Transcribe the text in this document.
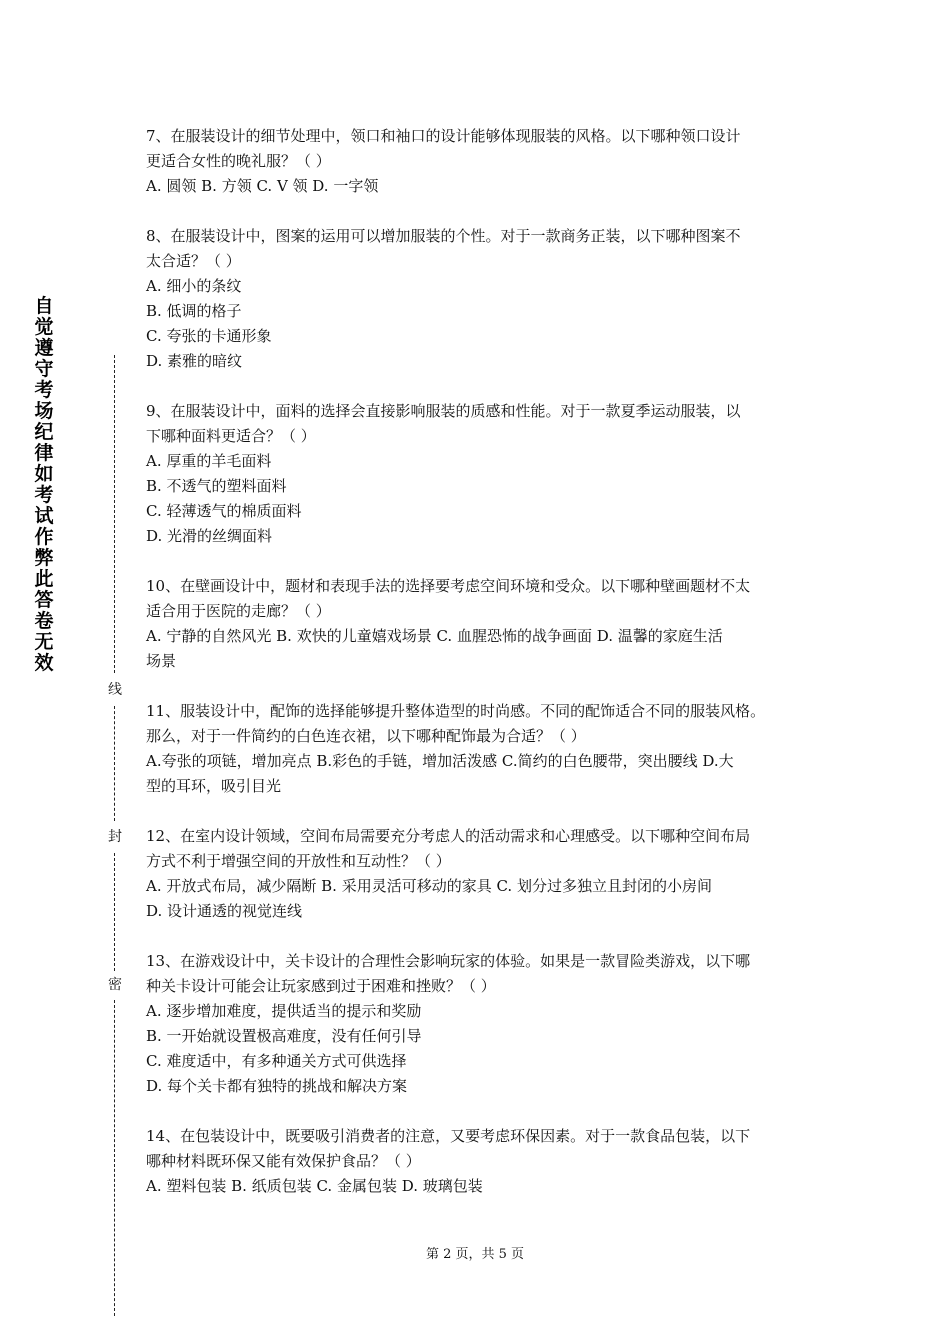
自觉遵守考场纪律如考试作弊此答卷无效
线
封
密
7、在服装设计的细节处理中，领口和袖口的设计能够体现服装的风格。以下哪种领口设计
更适合女性的晚礼服？（ ）
A. 圆领 B. 方领 C. V 领 D. 一字领
8、在服装设计中，图案的运用可以增加服装的个性。对于一款商务正装，以下哪种图案不
太合适？（ ）
A. 细小的条纹
B. 低调的格子
C. 夸张的卡通形象
D. 素雅的暗纹
9、在服装设计中，面料的选择会直接影响服装的质感和性能。对于一款夏季运动服装，以
下哪种面料更适合？（ ）
A. 厚重的羊毛面料
B. 不透气的塑料面料
C. 轻薄透气的棉质面料
D. 光滑的丝绸面料
10、在壁画设计中，题材和表现手法的选择要考虑空间环境和受众。以下哪种壁画题材不太
适合用于医院的走廊？（ ）
A. 宁静的自然风光 B. 欢快的儿童嬉戏场景 C. 血腥恐怖的战争画面 D. 温馨的家庭生活
场景
11、服装设计中，配饰的选择能够提升整体造型的时尚感。不同的配饰适合不同的服装风格。
那么，对于一件简约的白色连衣裙，以下哪种配饰最为合适？（ ）
A.夸张的项链，增加亮点 B.彩色的手链，增加活泼感 C.简约的白色腰带，突出腰线 D.大
型的耳环，吸引目光
12、在室内设计领域，空间布局需要充分考虑人的活动需求和心理感受。以下哪种空间布局
方式不利于增强空间的开放性和互动性？（ ）
A. 开放式布局，减少隔断 B. 采用灵活可移动的家具 C. 划分过多独立且封闭的小房间
D. 设计通透的视觉连线
13、在游戏设计中，关卡设计的合理性会影响玩家的体验。如果是一款冒险类游戏，以下哪
种关卡设计可能会让玩家感到过于困难和挫败？（ ）
A. 逐步增加难度，提供适当的提示和奖励
B. 一开始就设置极高难度，没有任何引导
C. 难度适中，有多种通关方式可供选择
D. 每个关卡都有独特的挑战和解决方案
14、在包装设计中，既要吸引消费者的注意，又要考虑环保因素。对于一款食品包装，以下
哪种材料既环保又能有效保护食品？（ ）
A. 塑料包装 B. 纸质包装 C. 金属包装 D. 玻璃包装
第 2 页，共 5 页
